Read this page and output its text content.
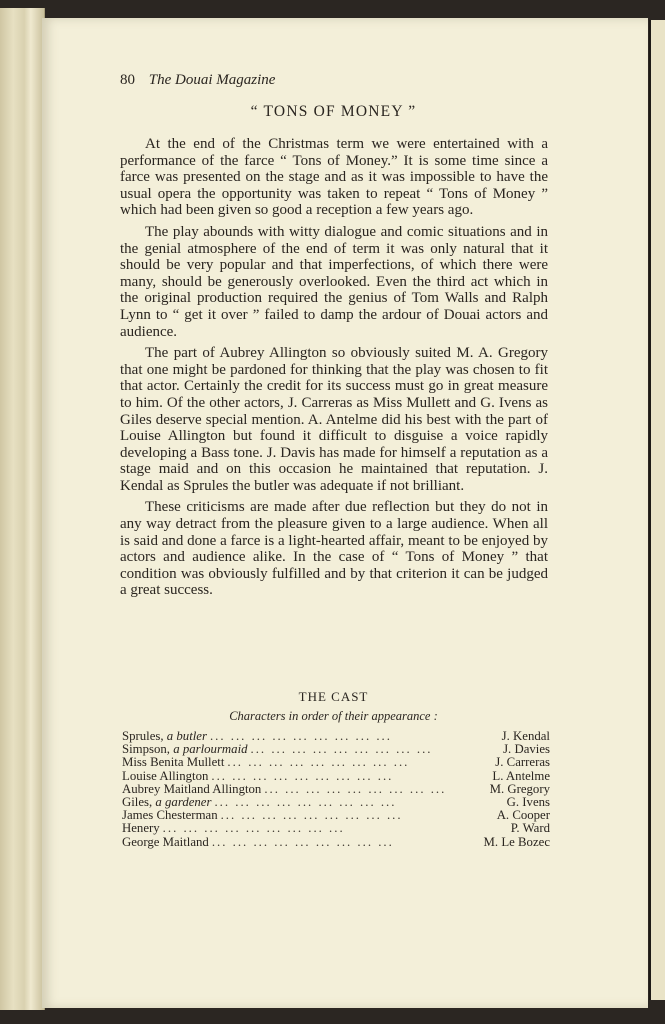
80 The Douai Magazine
“ TONS OF MONEY ”

At the end of the Christmas term we were entertained with a performance of the farce “ Tons of Money.” It is some time since a farce was presented on the stage and as it was impossible to have the usual opera the opportunity was taken to repeat “ Tons of Money ” which had been given so good a reception a few years ago.

The play abounds with witty dialogue and comic situations and in the genial atmosphere of the end of term it was only natural that it should be very popular and that imperfections, of which there were many, should be generously overlooked. Even the third act which in the original production required the genius of Tom Walls and Ralph Lynn to “ get it over ” failed to damp the ardour of Douai actors and audience.

The part of Aubrey Allington so obviously suited M. A. Gregory that one might be pardoned for thinking that the play was chosen to fit that actor. Certainly the credit for its success must go in great measure to him. Of the other actors, J. Carreras as Miss Mullett and G. Ivens as Giles deserve special mention. A. Antelme did his best with the part of Louise Allington but found it difficult to disguise a voice rapidly developing a Bass tone. J. Davis has made for himself a reputation as a stage maid and on this occasion he maintained that reputation. J. Kendal as Sprules the butler was adequate if not brilliant.

These criticisms are made after due reflection but they do not in any way detract from the pleasure given to a large audience. When all is said and done a farce is a light-hearted affair, meant to be enjoyed by actors and audience alike. In the case of “ Tons of Money ” that condition was obviously fulfilled and by that criterion it can be judged a great success.

THE CAST
Characters in order of their appearance :
Sprules, a butler ... ... ... ... ... ... ... ... ...	J. Kendal
Simpson, a parlourmaid ... ... ... ... ... ... ... ... ...	J. Davies
Miss Benita Mullett ... ... ... ... ... ... ... ... ...	J. Carreras
Louise Allington ... ... ... ... ... ... ... ... ...	L. Antelme
Aubrey Maitland Allington ... ... ... ... ... ... ... ... ...	M. Gregory
Giles, a gardener ... ... ... ... ... ... ... ... ...	G. Ivens
James Chesterman ... ... ... ... ... ... ... ... ...	A. Cooper
Henery ... ... ... ... ... ... ... ... ...	P. Ward
George Maitland ... ... ... ... ... ... ... ... ...	M. Le Bozec
